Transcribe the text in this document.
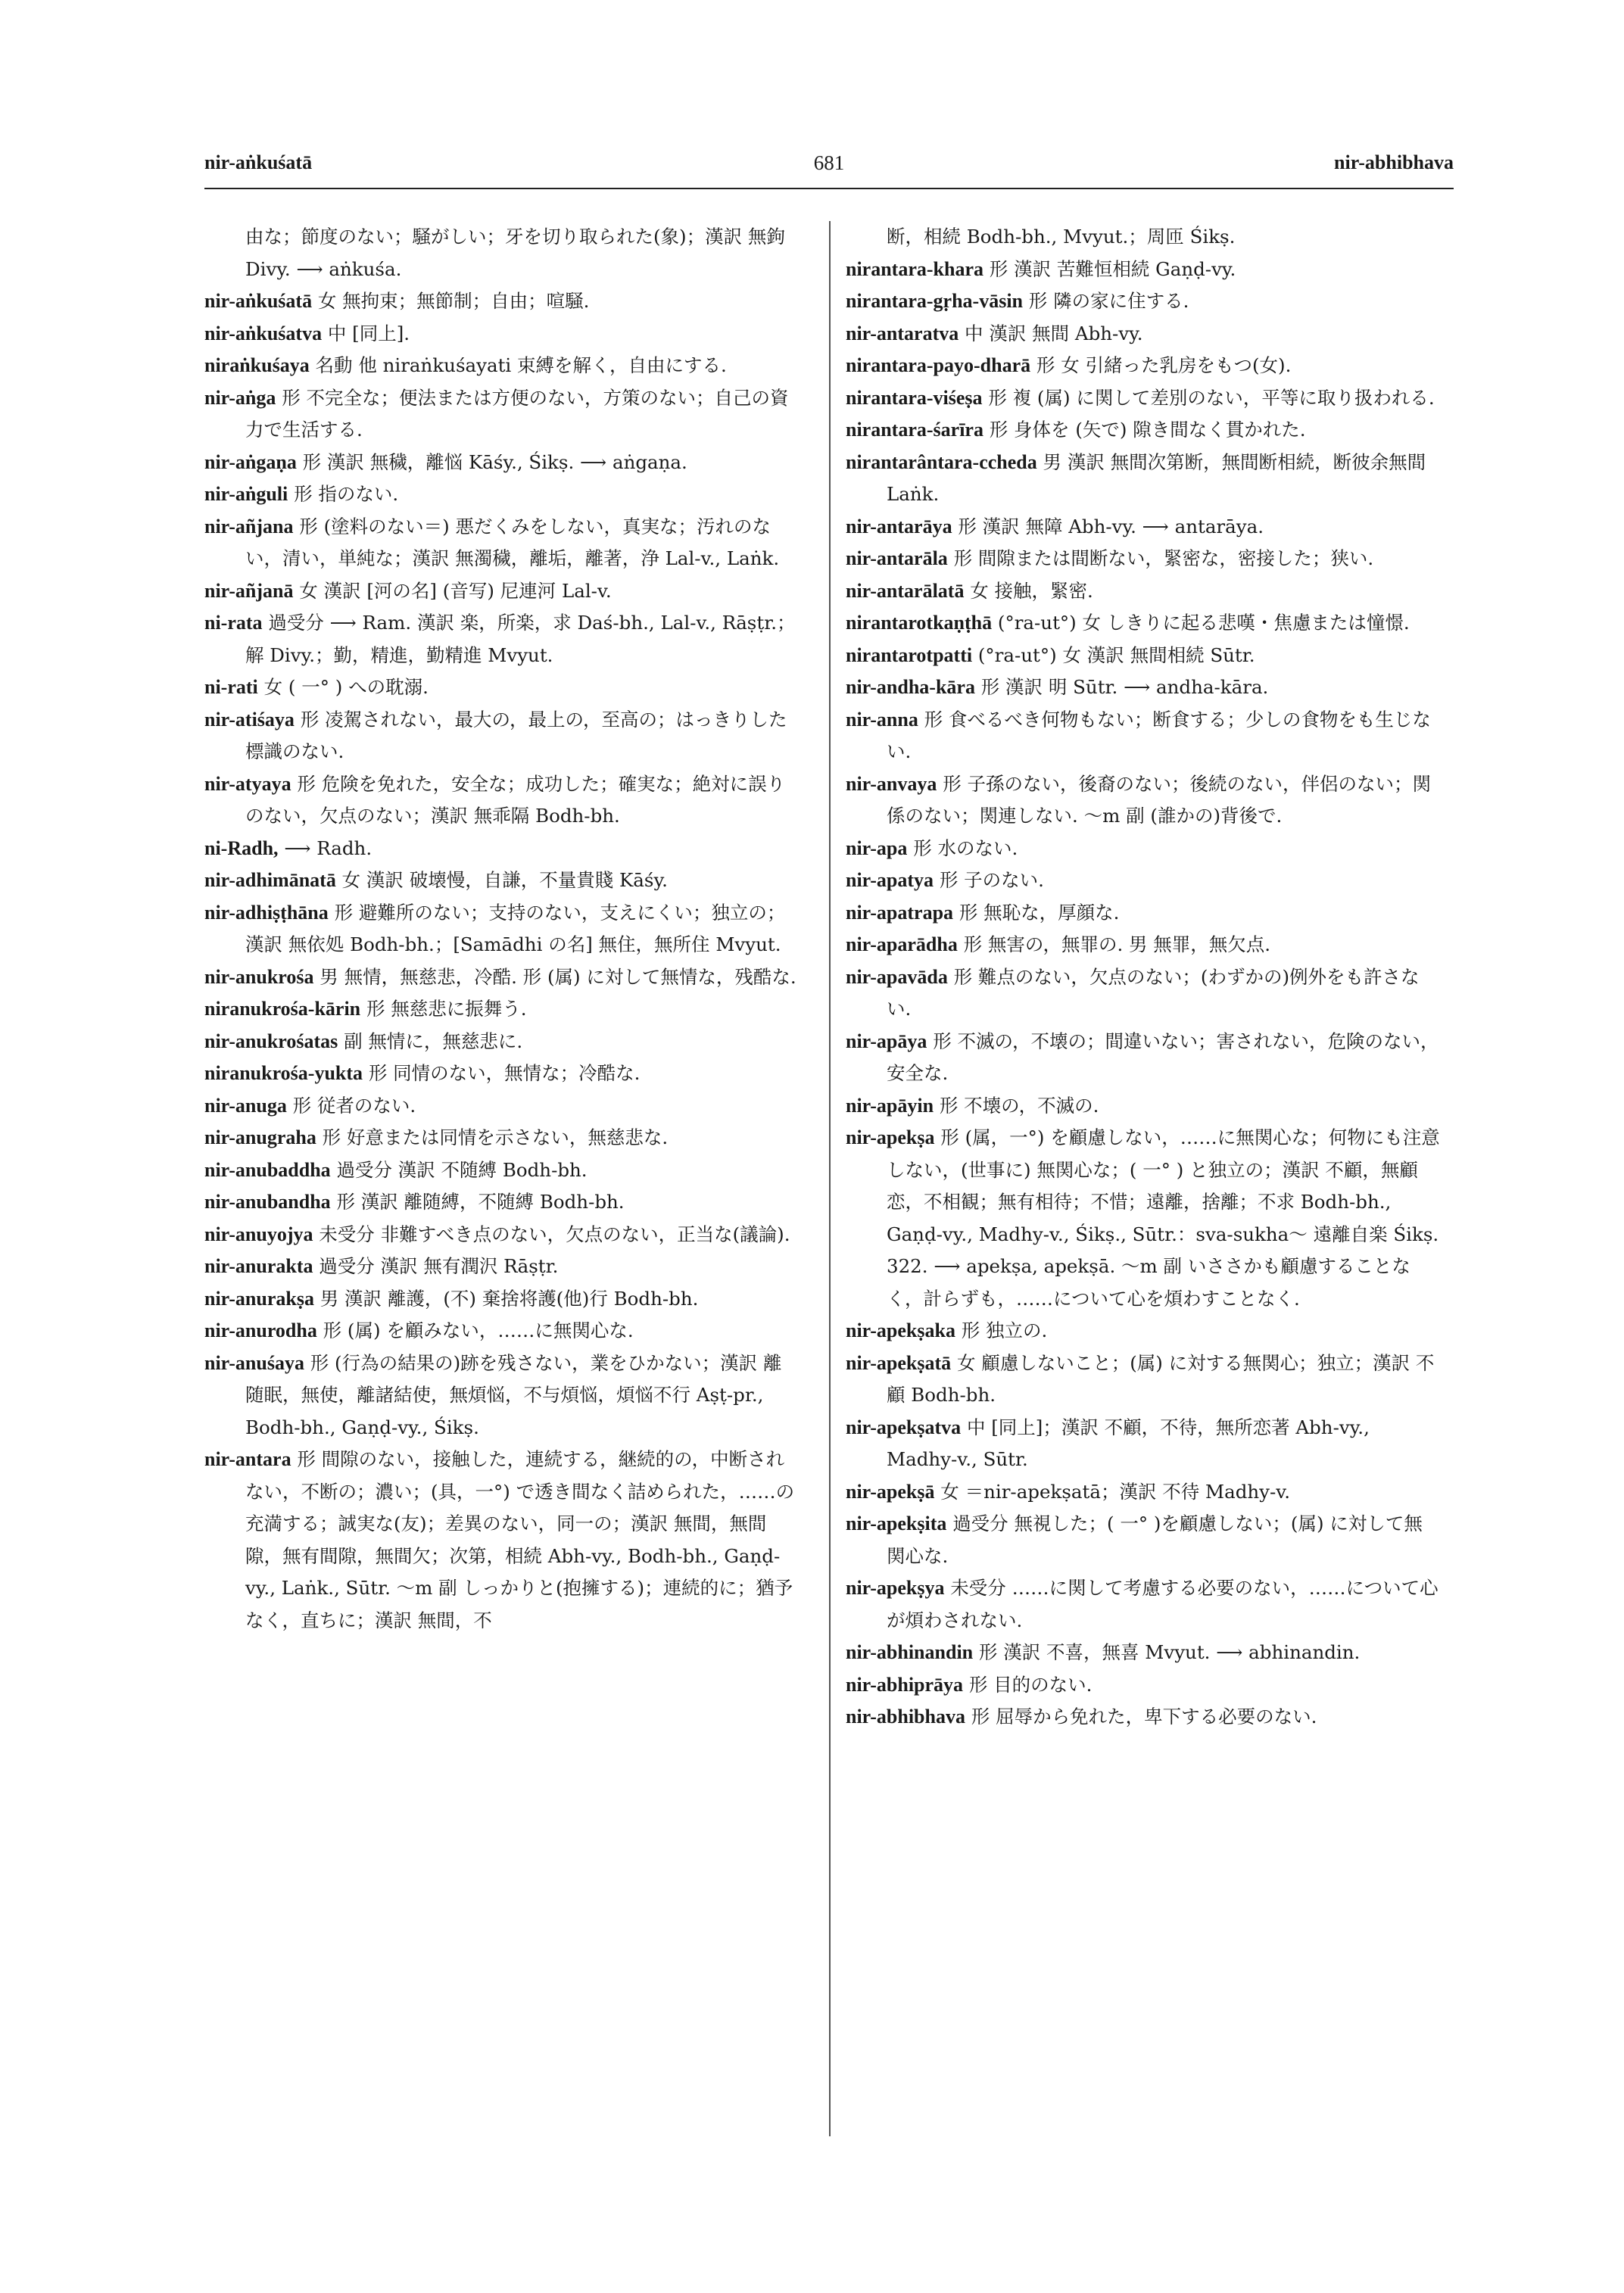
nir-aṅkuśatā	681	nir-abhibhava

由な；節度のない；騒がしい；牙を切り取られた(象)；漢訳 無鉤 Divy. ⟶ aṅkuśa.

nir-aṅkuśatā 女 無拘束；無節制；自由；喧騒.

nir-aṅkuśatva 中 [同上].

niraṅkuśaya 名動 他 niraṅkuśayati 束縛を解く，自由にする.

nir-aṅga 形 不完全な；便法または方便のない，方策のない；自己の資力で生活する.

nir-aṅgaṇa 形 漢訳 無穢，離悩 Kāśy., Śikṣ. ⟶ aṅgaṇa.

nir-aṅguli 形 指のない.

nir-añjana 形 (塗料のない＝) 悪だくみをしない，真実な；汚れのない，清い，単純な；漢訳 無濁穢，離垢，離著，浄 Lal-v., Laṅk.

nir-añjanā 女 漢訳 [河の名] (音写) 尼連河 Lal-v.

ni-rata 過受分 ⟶ Ram. 漢訳 楽，所楽，求 Daś-bh., Lal-v., Rāṣṭr.；解 Divy.；勤，精進，勤精進 Mvyut.

ni-rati 女 ( 一° ) への耽溺.

nir-atiśaya 形 凌駕されない，最大の，最上の，至高の；はっきりした標識のない.

nir-atyaya 形 危険を免れた，安全な；成功した；確実な；絶対に誤りのない，欠点のない；漢訳 無乖隔 Bodh-bh.

ni-Radh, ⟶ Radh.

nir-adhimānatā 女 漢訳 破壊慢，自謙，不量貴賤 Kāśy.

nir-adhiṣṭhāna 形 避難所のない；支持のない，支えにくい；独立の；漢訳 無依処 Bodh-bh.；[Samādhi の名] 無住，無所住 Mvyut.

nir-anukrośa 男 無情，無慈悲，冷酷. 形 (属) に対して無情な，残酷な.

niranukrośa-kārin 形 無慈悲に振舞う.

nir-anukrośatas 副 無情に，無慈悲に.

niranukrośa-yukta 形 同情のない，無情な；冷酷な.

nir-anuga 形 従者のない.

nir-anugraha 形 好意または同情を示さない，無慈悲な.

nir-anubaddha 過受分 漢訳 不随縛 Bodh-bh.

nir-anubandha 形 漢訳 離随縛，不随縛 Bodh-bh.

nir-anuyojya 未受分 非難すべき点のない，欠点のない，正当な(議論).

nir-anurakta 過受分 漢訳 無有潤沢 Rāṣṭr.

nir-anurakṣa 男 漢訳 離護，(不) 棄捨将護(他)行 Bodh-bh.

nir-anurodha 形 (属) を顧みない，……に無関心な.

nir-anuśaya 形 (行為の結果の)跡を残さない，業をひかない；漢訳 離随眠，無使，離諸結使，無煩悩，不与煩悩，煩悩不行 Aṣṭ-pr., Bodh-bh., Gaṇḍ-vy., Śikṣ.

nir-antara 形 間隙のない，接触した，連続する，継続的の，中断されない，不断の；濃い；(具，一°) で透き間なく詰められた，……の充満する；誠実な(友)；差異のない，同一の；漢訳 無間，無間隙，無有間隙，無間欠；次第，相続 Abh-vy., Bodh-bh., Gaṇḍ-vy., Laṅk., Sūtr. ～m 副 しっかりと(抱擁する)；連続的に；猶予なく，直ちに；漢訳 無間，不

断，相続 Bodh-bh., Mvyut.；周匝 Śikṣ.

nirantara-khara 形 漢訳 苦難恒相続 Gaṇḍ-vy.

nirantara-gṛha-vāsin 形 隣の家に住する.

nir-antaratva 中 漢訳 無間 Abh-vy.

nirantara-payo-dharā 形 女 引緒った乳房をもつ(女).

nirantara-viśeṣa 形 複 (属) に関して差別のない，平等に取り扱われる.

nirantara-śarīra 形 身体を (矢で) 隙き間なく貫かれた.

nirantarântara-ccheda 男 漢訳 無間次第断，無間断相続，断彼余無間 Laṅk.

nir-antarāya 形 漢訳 無障 Abh-vy. ⟶ antarāya.

nir-antarāla 形 間隙または間断ない，緊密な，密接した；狭い.

nir-antarālatā 女 接触，緊密.

nirantarotkaṇṭhā (°ra-ut°) 女 しきりに起る悲嘆・焦慮または憧憬.

nirantarotpatti (°ra-ut°) 女 漢訳 無間相続 Sūtr.

nir-andha-kāra 形 漢訳 明 Sūtr. ⟶ andha-kāra.

nir-anna 形 食べるべき何物もない；断食する；少しの食物をも生じない.

nir-anvaya 形 子孫のない，後裔のない；後続のない，伴侶のない；関係のない；関連しない. ～m 副 (誰かの)背後で.

nir-apa 形 水のない.

nir-apatya 形 子のない.

nir-apatrapa 形 無恥な，厚顔な.

nir-aparādha 形 無害の，無罪の. 男 無罪，無欠点.

nir-apavāda 形 難点のない，欠点のない；(わずかの)例外をも許さない.

nir-apāya 形 不滅の，不壊の；間違いない；害されない，危険のない，安全な.

nir-apāyin 形 不壊の，不滅の.

nir-apekṣa 形 (属，一°) を顧慮しない，……に無関心な；何物にも注意しない，(世事に) 無関心な；( 一° ) と独立の；漢訳 不顧，無顧恋，不相観；無有相待；不惜；遠離，捨離；不求 Bodh-bh., Gaṇḍ-vy., Madhy-v., Śikṣ., Sūtr.：sva-sukha～ 遠離自楽 Śikṣ. 322. ⟶ apekṣa, apekṣā. ～m 副 いささかも顧慮することなく，計らずも，……について心を煩わすことなく.

nir-apekṣaka 形 独立の.

nir-apekṣatā 女 顧慮しないこと；(属) に対する無関心；独立；漢訳 不顧 Bodh-bh.

nir-apekṣatva 中 [同上]；漢訳 不顧，不待，無所恋著 Abh-vy., Madhy-v., Sūtr.

nir-apekṣā 女 ＝nir-apekṣatā；漢訳 不待 Madhy-v.

nir-apekṣita 過受分 無視した；( 一° )を顧慮しない；(属) に対して無関心な.

nir-apekṣya 未受分 ……に関して考慮する必要のない，……について心が煩わされない.

nir-abhinandin 形 漢訳 不喜，無喜 Mvyut. ⟶ abhinandin.

nir-abhiprāya 形 目的のない.

nir-abhibhava 形 屈辱から免れた，卑下する必要のない.
